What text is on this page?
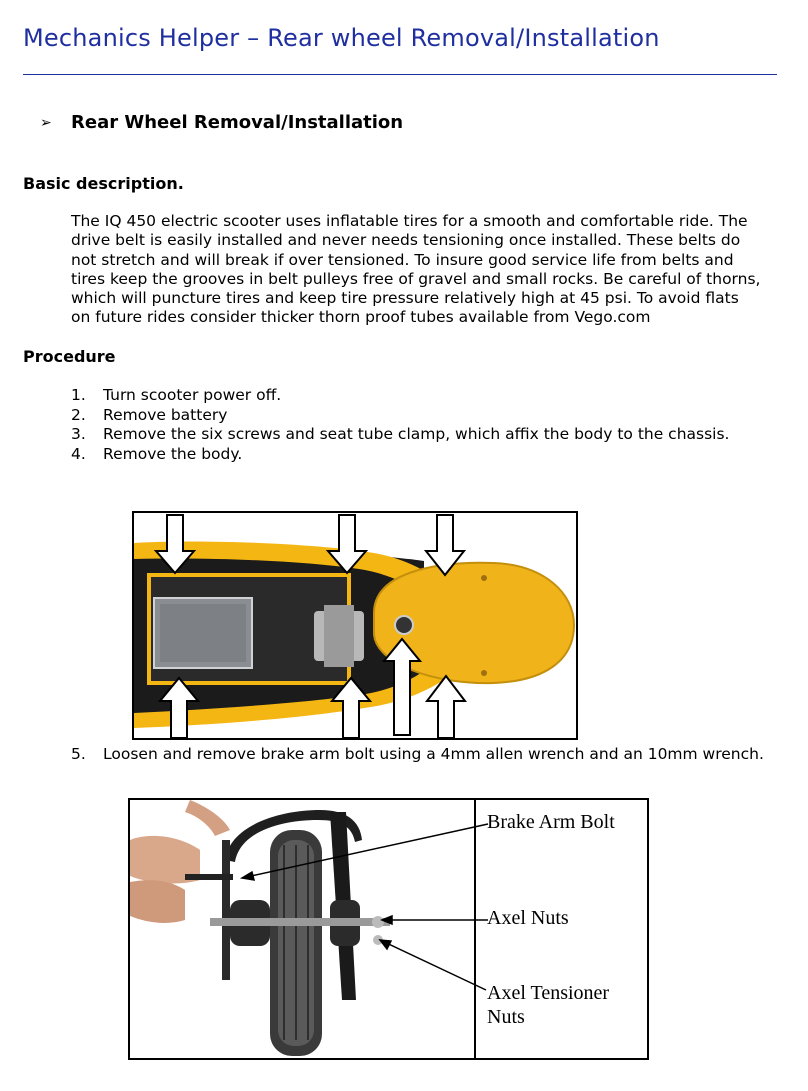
Mechanics Helper – Rear wheel Removal/Installation
➢	Rear Wheel Removal/Installation
Basic description.
The IQ 450 electric scooter uses inflatable tires for a smooth and comfortable ride. The
drive belt is easily installed and never needs tensioning once installed. These belts do
not stretch and will break if over tensioned. To insure good service life from belts and
tires keep the grooves in belt pulleys free of gravel and small rocks. Be careful of thorns,
which will puncture tires and keep tire pressure relatively high at 45 psi. To avoid flats
on future rides consider thicker thorn proof tubes available from Vego.com
Procedure
1.	Turn scooter power off.
2.	Remove battery
3.	Remove the six screws and seat tube clamp, which affix the body to the chassis.
4.	Remove the body.
5.	Loosen and remove brake arm bolt using a 4mm allen wrench and an 10mm wrench.
Brake Arm Bolt
Axel Nuts
Axel Tensioner
Nuts
